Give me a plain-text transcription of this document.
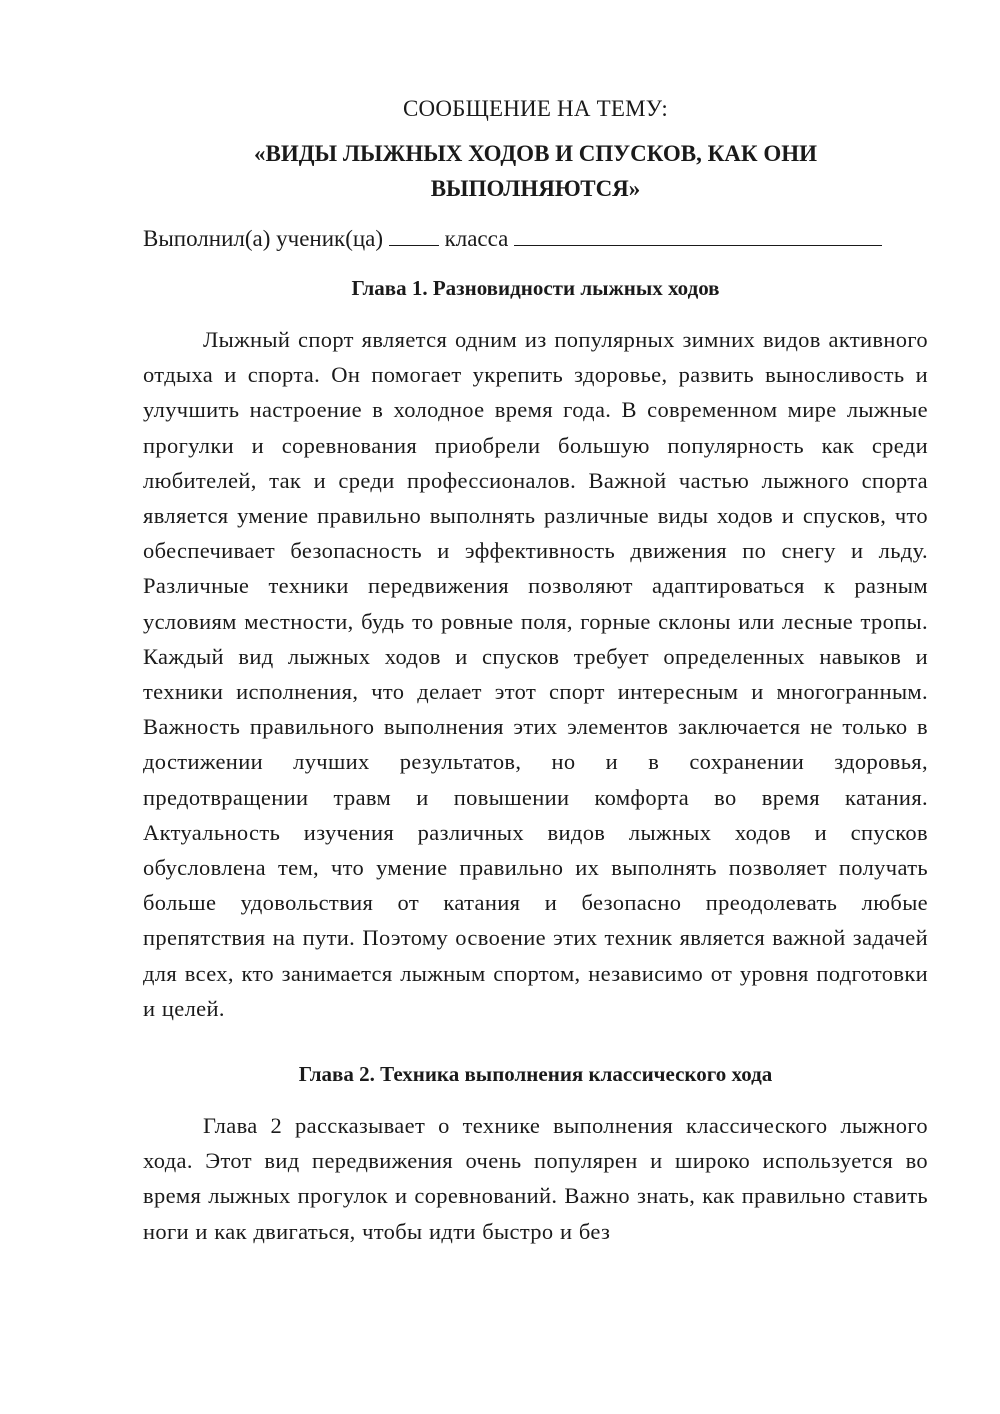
СООБЩЕНИЕ НА ТЕМУ:
«ВИДЫ ЛЫЖНЫХ ХОДОВ И СПУСКОВ, КАК ОНИ
ВЫПОЛНЯЮТСЯ»

Выполнил(а) ученик(ца)	класса

Глава 1. Разновидности лыжных ходов

Лыжный спорт является одним из популярных зимних видов активного отдыха и спорта. Он помогает укрепить здоровье, развить выносливость и улучшить настроение в холодное время года. В современном мире лыжные прогулки и соревнования приобрели большую популярность как среди любителей, так и среди профессионалов. Важной частью лыжного спорта является умение правильно выполнять различные виды ходов и спусков, что обеспечивает безопасность и эффективность движения по снегу и льду. Различные техники передвижения позволяют адаптироваться к разным условиям местности, будь то ровные поля, горные склоны или лесные тропы. Каждый вид лыжных ходов и спусков требует определенных навыков и техники исполнения, что делает этот спорт интересным и многогранным. Важность правильного выполнения этих элементов заключается не только в достижении лучших результатов, но и в сохранении здоровья, предотвращении травм и повышении комфорта во время катания. Актуальность изучения различных видов лыжных ходов и спусков обусловлена тем, что умение правильно их выполнять позволяет получать больше удовольствия от катания и безопасно преодолевать любые препятствия на пути. Поэтому освоение этих техник является важной задачей для всех, кто занимается лыжным спортом, независимо от уровня подготовки и целей.

Глава 2. Техника выполнения классического хода

Глава 2 рассказывает о технике выполнения классического лыжного хода. Этот вид передвижения очень популярен и широко используется во время лыжных прогулок и соревнований. Важно знать, как правильно ставить ноги и как двигаться, чтобы идти быстро и без
